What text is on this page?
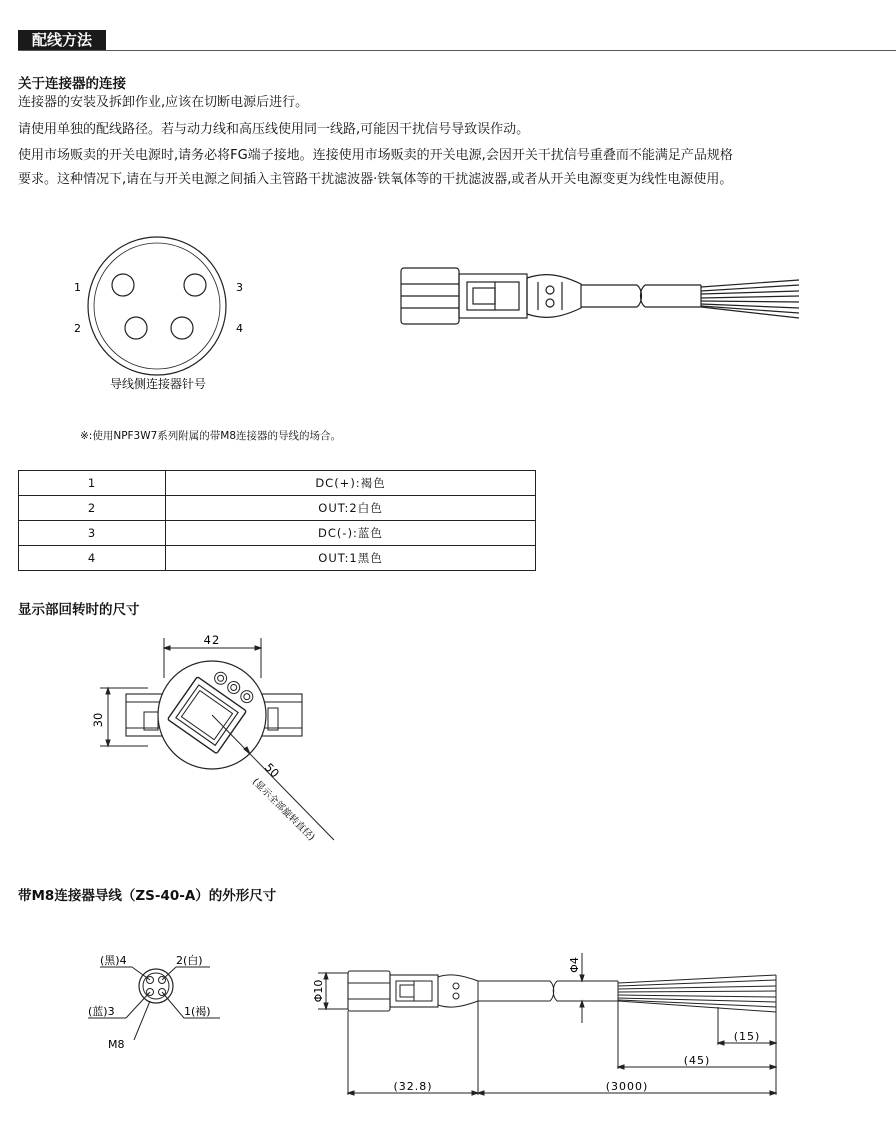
配线方法
关于连接器的连接
连接器的安装及拆卸作业,应该在切断电源后进行。
请使用单独的配线路径。若与动力线和高压线使用同一线路,可能因干扰信号导致误作动。
使用市场贩卖的开关电源时,请务必将FG端子接地。连接使用市场贩卖的开关电源,会因开关干扰信号重叠而不能满足产品规格
要求。这种情况下,请在与开关电源之间插入主管路干扰滤波器·铁氧体等的干扰滤波器,或者从开关电源变更为线性电源使用。
1
2
3
4
导线侧连接器针号
※:使用NPF3W7系列附属的带M8连接器的导线的场合。
1	DC(+):褐色
2	OUT:2白色
3	DC(-):蓝色
4	OUT:1黑色
显示部回转时的尺寸
42
30
50
(显示全部旋转直径)
带M8连接器导线（ZS-40-A）的外形尺寸
(黑)4	2(白)
(蓝)3	1(褐)
M8
Φ10
Φ4
(15)
(45)
(32.8)	(3000)
